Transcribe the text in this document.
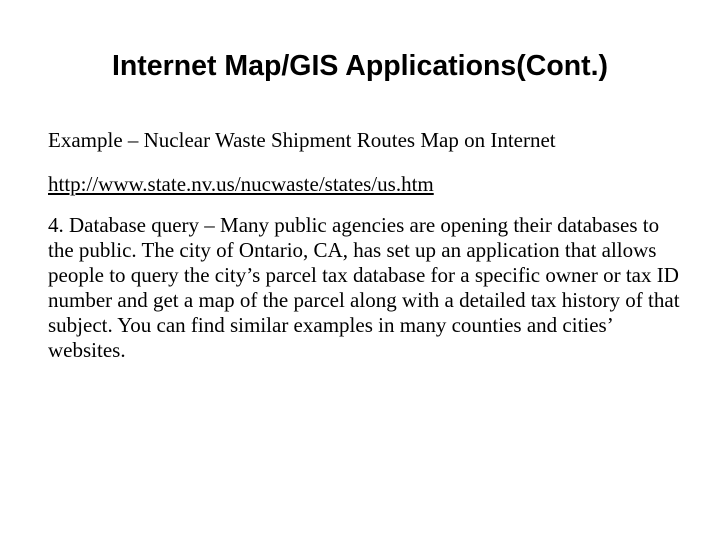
Internet Map/GIS Applications(Cont.)

Example – Nuclear Waste Shipment Routes Map on Internet

http://www.state.nv.us/nucwaste/states/us.htm

4. Database query – Many public agencies are opening their databases to the public. The city of Ontario, CA, has set up an application that allows people to query the city’s parcel tax database for a specific owner or tax ID number and get a map of the parcel along with a detailed tax history of that subject. You can find similar examples in many counties and cities’ websites.
